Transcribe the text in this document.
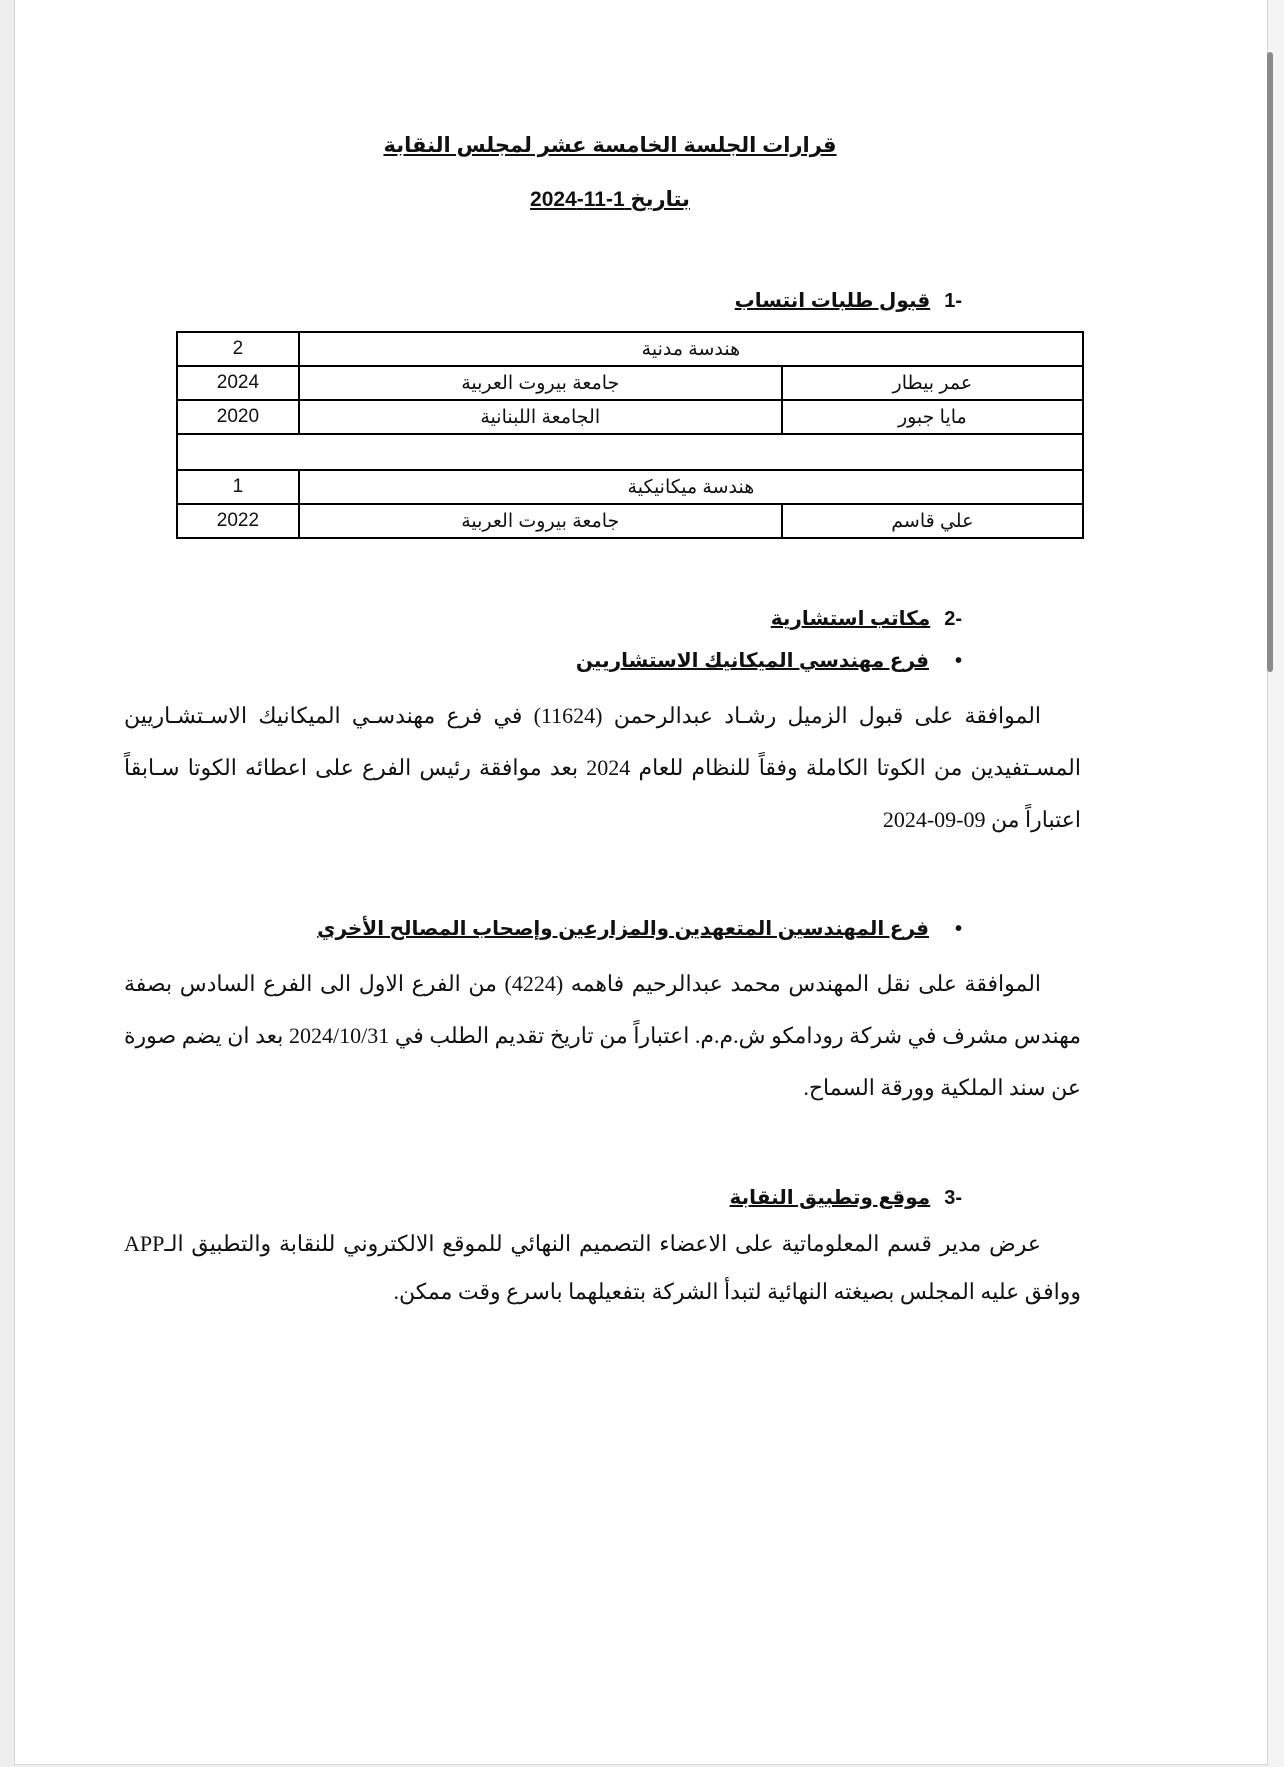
قرارات الجلسة الخامسة عشر لمجلس النقابة
بتاريخ 1-11-2024
-1قبول طلبات انتساب
هندسة مدنية		2
عمر بيطار	جامعة بيروت العربية	2024
مايا جبور	الجامعة اللبنانية	2020

هندسة ميكانيكية		1
علي قاسم	جامعة بيروت العربية	2022
-2مكاتب استشارية
•فرع مهندسي الميكانيك الاستشاريين
الموافقة على قبول الزميل رشـاد عبدالرحمن (11624) في فرع مهندسـي الميكانيك الاسـتشـاريين المسـتفيدين من الكوتا الكاملة وفقاً للنظام للعام 2024 بعد موافقة رئيس الفرع على اعطائه الكوتا سـابقاً اعتباراً من 09-09-2024
•فرع المهندسين المتعهدين والمزارعين وإصحاب المصالح الأخري
الموافقة على نقل المهندس محمد عبدالرحيم فاهمه (4224) من الفرع الاول الى الفرع السادس بصفة مهندس مشرف في شركة رودامكو ش.م.م. اعتباراً من تاريخ تقديم الطلب في 2024/10/31 بعد ان يضم صورة عن سند الملكية وورقة السماح.
-3موقع وتطبيق النقابة
عرض مدير قسم المعلوماتية على الاعضاء التصميم النهائي للموقع الالكتروني للنقابة والتطبيق الـAPP ووافق عليه المجلس بصيغته النهائية لتبدأ الشركة بتفعيلهما باسرع وقت ممكن.
